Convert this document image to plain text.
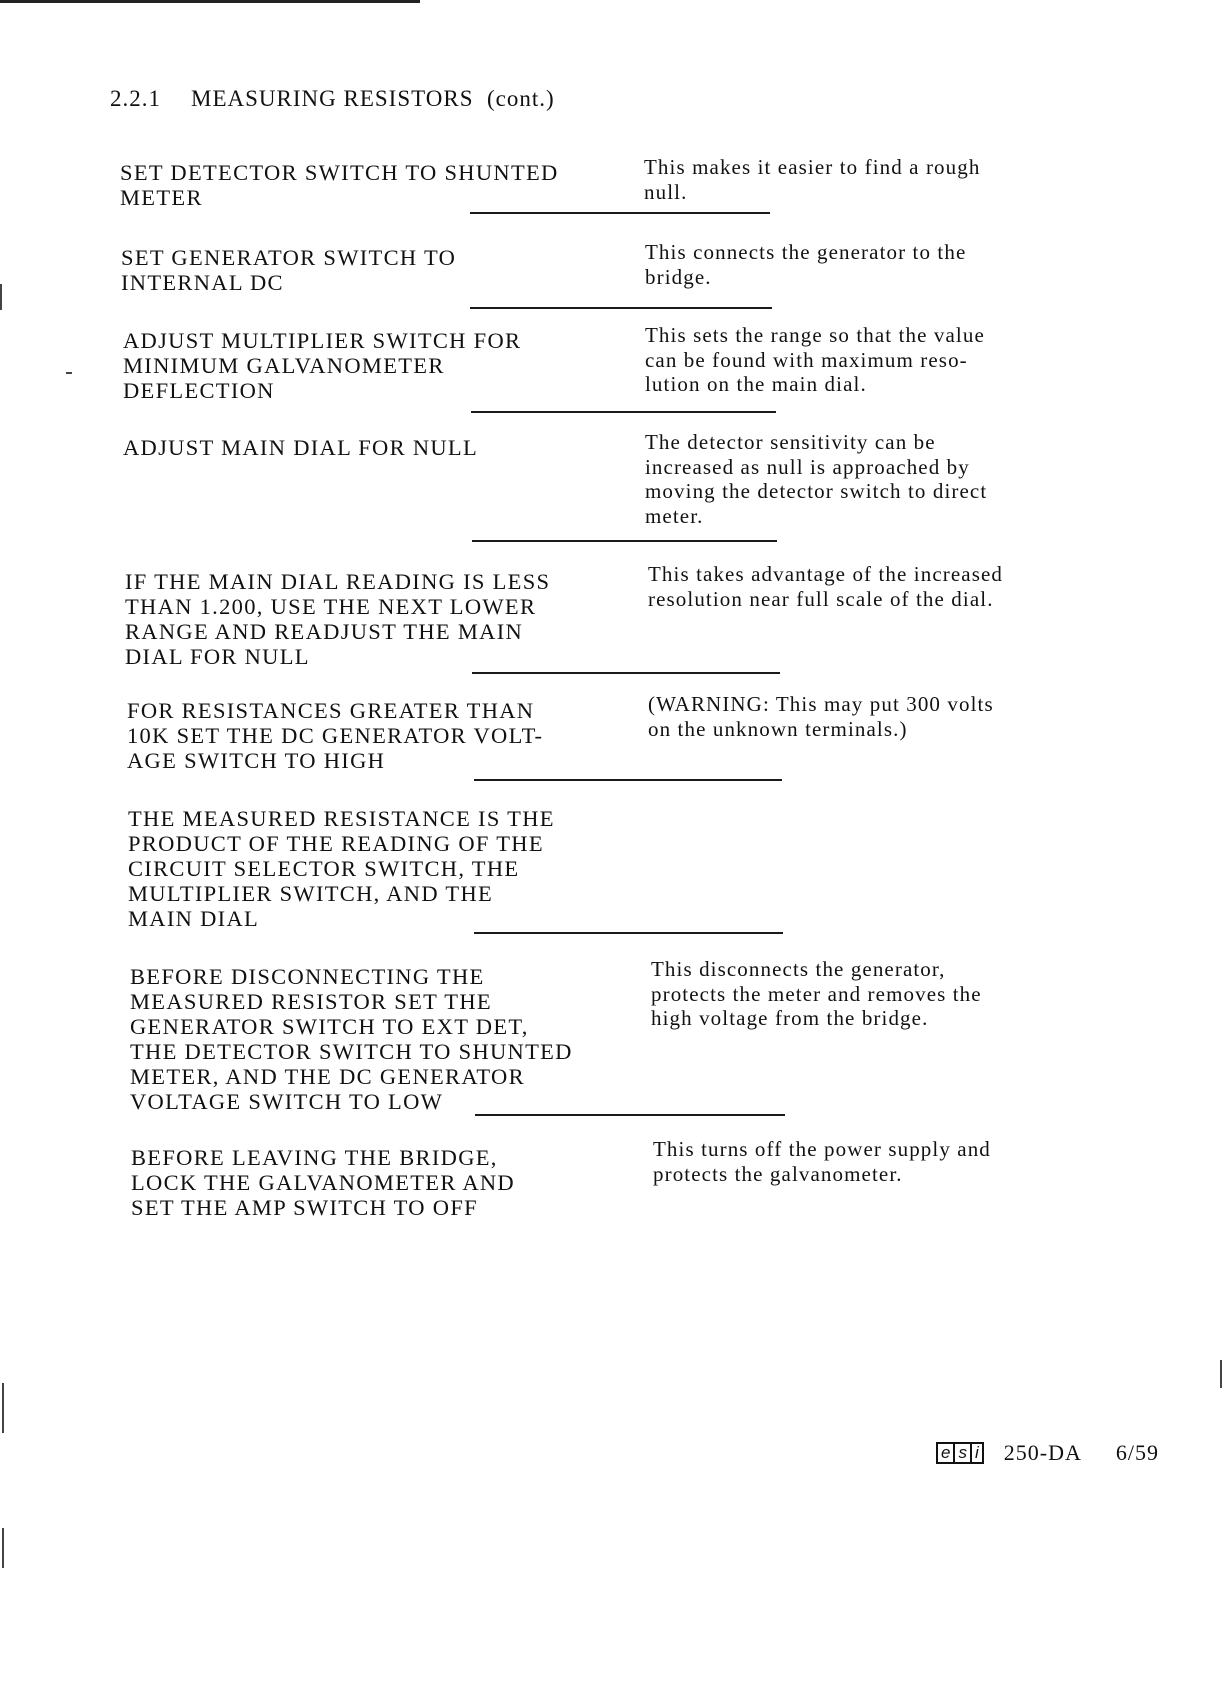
2.2.1 MEASURING RESISTORS (cont.)
SET DETECTOR SWITCH TO SHUNTED
METER
This makes it easier to find a rough
null.
SET GENERATOR SWITCH TO
INTERNAL DC
This connects the generator to the
bridge.
ADJUST MULTIPLIER SWITCH FOR
MINIMUM GALVANOMETER
DEFLECTION
This sets the range so that the value
can be found with maximum reso-
lution on the main dial.
ADJUST MAIN DIAL FOR NULL	The detector sensitivity can be
increased as null is approached by
moving the detector switch to direct
meter.
IF THE MAIN DIAL READING IS LESS
THAN 1.200, USE THE NEXT LOWER
RANGE AND READJUST THE MAIN
DIAL FOR NULL
This takes advantage of the increased
resolution near full scale of the dial.
FOR RESISTANCES GREATER THAN
10K SET THE DC GENERATOR VOLT-
AGE SWITCH TO HIGH
(WARNING: This may put 300 volts
on the unknown terminals.)
THE MEASURED RESISTANCE IS THE
PRODUCT OF THE READING OF THE
CIRCUIT SELECTOR SWITCH, THE
MULTIPLIER SWITCH, AND THE
MAIN DIAL
BEFORE DISCONNECTING THE
MEASURED RESISTOR SET THE
GENERATOR SWITCH TO EXT DET,
THE DETECTOR SWITCH TO SHUNTED
METER, AND THE DC GENERATOR
VOLTAGE SWITCH TO LOW
This disconnects the generator,
protects the meter and removes the
high voltage from the bridge.
BEFORE LEAVING THE BRIDGE,
LOCK THE GALVANOMETER AND
SET THE AMP SWITCH TO OFF
This turns off the power supply and
protects the galvanometer.
e s i 250-DA 6/59
